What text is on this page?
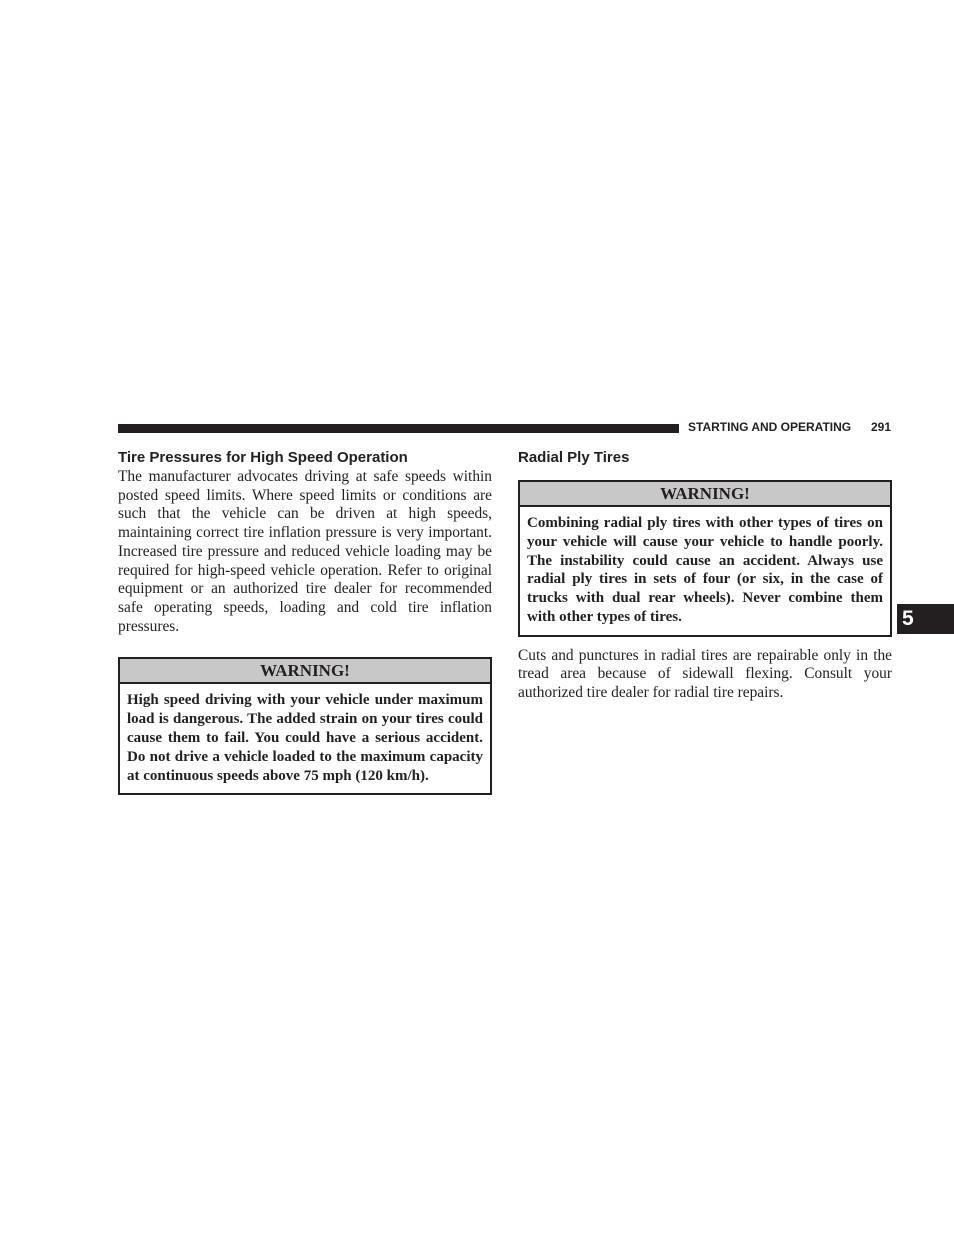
STARTING AND OPERATING 291
5
Tire Pressures for High Speed Operation

The manufacturer advocates driving at safe speeds within posted speed limits. Where speed limits or conditions are such that the vehicle can be driven at high speeds, maintaining correct tire inflation pressure is very important. Increased tire pressure and reduced vehicle loading may be required for high-speed vehicle operation. Refer to original equipment or an authorized tire dealer for recommended safe operating speeds, loading and cold tire inflation pressures.

WARNING!

High speed driving with your vehicle under maximum load is dangerous. The added strain on your tires could cause them to fail. You could have a serious accident. Do not drive a vehicle loaded to the maximum capacity at continuous speeds above 75 mph (120 km/h).

Radial Ply Tires
WARNING!

Combining radial ply tires with other types of tires on your vehicle will cause your vehicle to handle poorly. The instability could cause an accident. Always use radial ply tires in sets of four (or six, in the case of trucks with dual rear wheels). Never combine them with other types of tires.

Cuts and punctures in radial tires are repairable only in the tread area because of sidewall flexing. Consult your authorized tire dealer for radial tire repairs.
